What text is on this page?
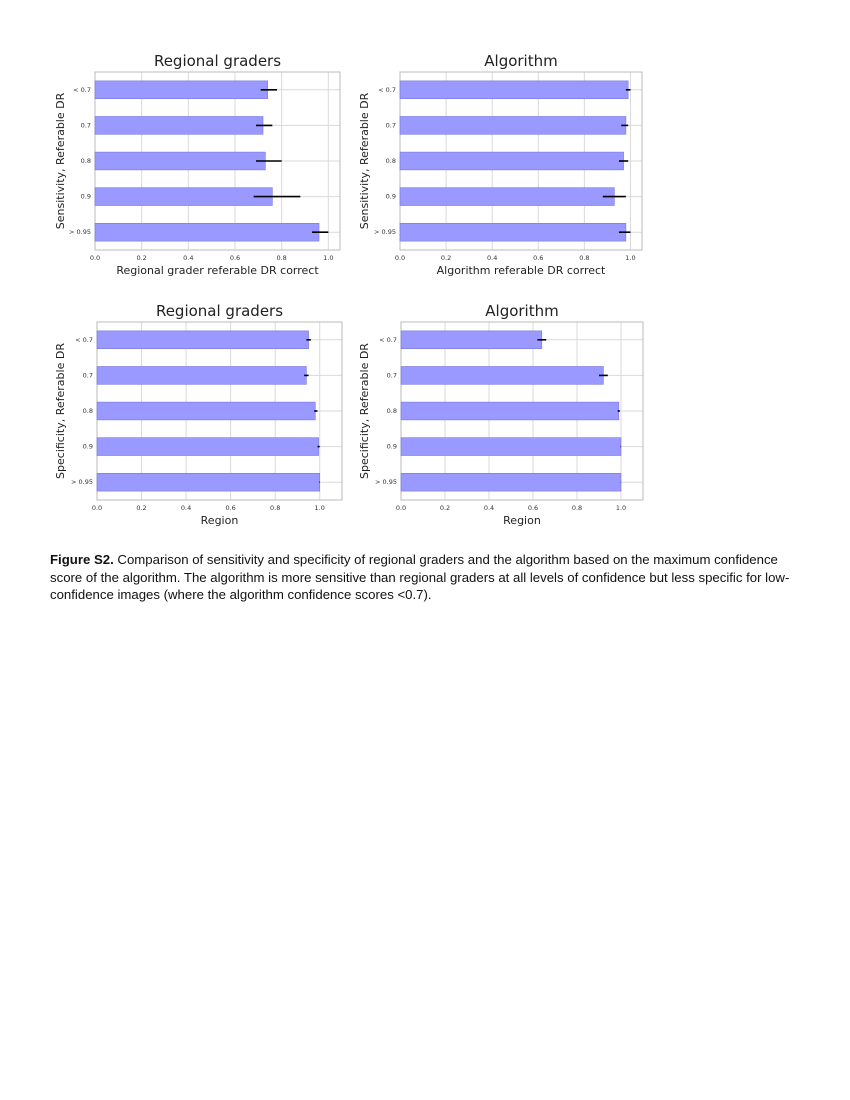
< 0.7
0.7
0.8
0.9
> 0.95
0.0	0.2	0.4	0.6	0.8	1.0
Regional graders
Regional grader referable DR correct
Sensitivity, Referable DR
< 0.7
0.7
0.8
0.9
> 0.95
0.0	0.2	0.4	0.6	0.8	1.0
Algorithm
Algorithm referable DR correct
Sensitivity, Referable DR
< 0.7
0.7
0.8
0.9
> 0.95
0.0	0.2	0.4	0.6	0.8	1.0
Regional graders
Region
Specificity, Referable DR
< 0.7
0.7
0.8
0.9
> 0.95
0.0	0.2	0.4	0.6	0.8	1.0
Algorithm
Region
Specificity, Referable DR

Figure S2. Comparison of sensitivity and specificity of regional graders and the algorithm based on the maximum confidence score of the algorithm. The algorithm is more sensitive than regional graders at all levels of confidence but less specific for low-confidence images (where the algorithm confidence scores <0.7).
